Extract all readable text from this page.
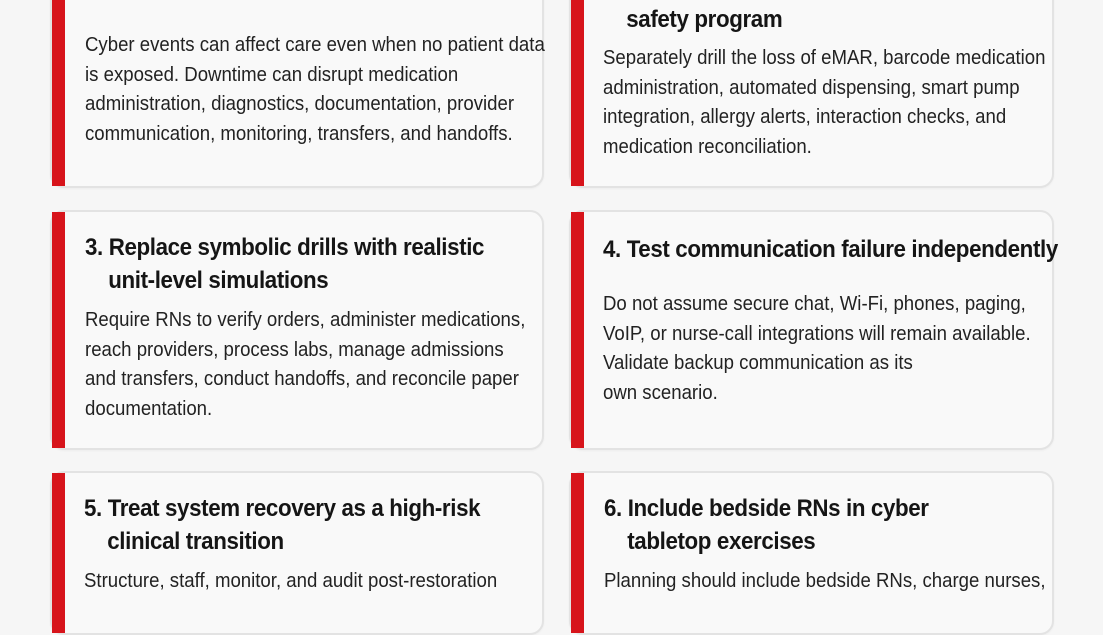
Cyber events can affect care even when no patient data
is exposed. Downtime can disrupt medication
administration, diagnostics, documentation, provider
communication, monitoring, transfers, and handoffs.

safety program

Separately drill the loss of eMAR, barcode medication
administration, automated dispensing, smart pump
integration, allergy alerts, interaction checks, and
medication reconciliation.

3. Replace symbolic drills with realistic
unit-level simulations

Require RNs to verify orders, administer medications,
reach providers, process labs, manage admissions
and transfers, conduct handoffs, and reconcile paper
documentation.

4. Test communication failure independently

Do not assume secure chat, Wi-Fi, phones, paging,
VoIP, or nurse-call integrations will remain available.
Validate backup communication as its
own scenario.

5. Treat system recovery as a high-risk
clinical transition

Structure, staff, monitor, and audit post-restoration

6. Include bedside RNs in cyber
tabletop exercises

Planning should include bedside RNs, charge nurses,
